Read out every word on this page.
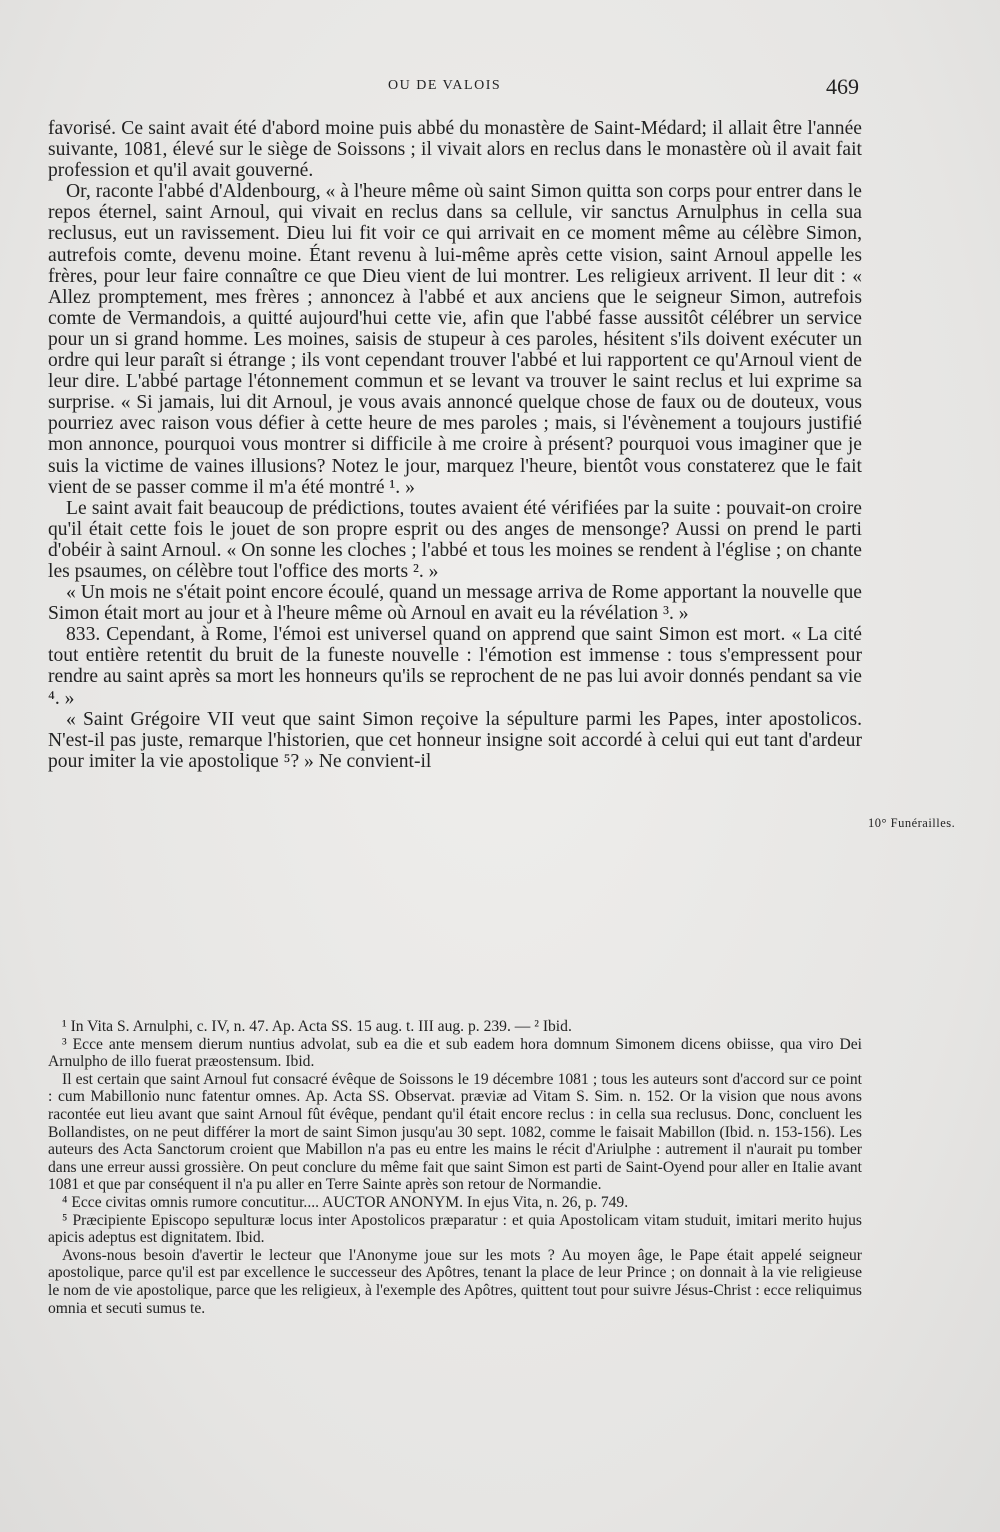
OU DE VALOIS	469

favorisé. Ce saint avait été d'abord moine puis abbé du monastère de Saint-Médard; il allait être l'année suivante, 1081, élevé sur le siège de Soissons ; il vivait alors en reclus dans le monastère où il avait fait profession et qu'il avait gouverné.

Or, raconte l'abbé d'Aldenbourg, « à l'heure même où saint Simon quitta son corps pour entrer dans le repos éternel, saint Arnoul, qui vivait en reclus dans sa cellule, vir sanctus Arnulphus in cella sua reclusus, eut un ravissement. Dieu lui fit voir ce qui arrivait en ce moment même au célèbre Simon, autrefois comte, devenu moine. Étant revenu à lui-même après cette vision, saint Arnoul appelle les frères, pour leur faire connaître ce que Dieu vient de lui montrer. Les religieux arrivent. Il leur dit : « Allez promptement, mes frères ; annoncez à l'abbé et aux anciens que le seigneur Simon, autrefois comte de Vermandois, a quitté aujourd'hui cette vie, afin que l'abbé fasse aussitôt célébrer un service pour un si grand homme. Les moines, saisis de stupeur à ces paroles, hésitent s'ils doivent exécuter un ordre qui leur paraît si étrange ; ils vont cependant trouver l'abbé et lui rapportent ce qu'Arnoul vient de leur dire. L'abbé partage l'étonnement commun et se levant va trouver le saint reclus et lui exprime sa surprise. « Si jamais, lui dit Arnoul, je vous avais annoncé quelque chose de faux ou de douteux, vous pourriez avec raison vous défier à cette heure de mes paroles ; mais, si l'évènement a toujours justifié mon annonce, pourquoi vous montrer si difficile à me croire à présent? pourquoi vous imaginer que je suis la victime de vaines illusions? Notez le jour, marquez l'heure, bientôt vous constaterez que le fait vient de se passer comme il m'a été montré ¹. »

Le saint avait fait beaucoup de prédictions, toutes avaient été vérifiées par la suite : pouvait-on croire qu'il était cette fois le jouet de son propre esprit ou des anges de mensonge? Aussi on prend le parti d'obéir à saint Arnoul. « On sonne les cloches ; l'abbé et tous les moines se rendent à l'église ; on chante les psaumes, on célèbre tout l'office des morts ². »

« Un mois ne s'était point encore écoulé, quand un message arriva de Rome apportant la nouvelle que Simon était mort au jour et à l'heure même où Arnoul en avait eu la révélation ³. »

833. Cependant, à Rome, l'émoi est universel quand on apprend que saint Simon est mort. « La cité tout entière retentit du bruit de la funeste nouvelle : l'émotion est immense : tous s'empressent pour rendre au saint après sa mort les honneurs qu'ils se reprochent de ne pas lui avoir donnés pendant sa vie ⁴. »

« Saint Grégoire VII veut que saint Simon reçoive la sépulture parmi les Papes, inter apostolicos. N'est-il pas juste, remarque l'historien, que cet honneur insigne soit accordé à celui qui eut tant d'ardeur pour imiter la vie apostolique ⁵? » Ne convient-il

10° Funérailles.

¹ In Vita S. Arnulphi, c. IV, n. 47. Ap. Acta SS. 15 aug. t. III aug. p. 239. — ² Ibid.

³ Ecce ante mensem dierum nuntius advolat, sub ea die et sub eadem hora domnum Simonem dicens obiisse, qua viro Dei Arnulpho de illo fuerat præostensum. Ibid.

Il est certain que saint Arnoul fut consacré évêque de Soissons le 19 décembre 1081 ; tous les auteurs sont d'accord sur ce point : cum Mabillonio nunc fatentur omnes. Ap. Acta SS. Observat. præviæ ad Vitam S. Sim. n. 152. Or la vision que nous avons racontée eut lieu avant que saint Arnoul fût évêque, pendant qu'il était encore reclus : in cella sua reclusus. Donc, concluent les Bollandistes, on ne peut différer la mort de saint Simon jusqu'au 30 sept. 1082, comme le faisait Mabillon (Ibid. n. 153-156). Les auteurs des Acta Sanctorum croient que Mabillon n'a pas eu entre les mains le récit d'Ariulphe : autrement il n'aurait pu tomber dans une erreur aussi grossière. On peut conclure du même fait que saint Simon est parti de Saint-Oyend pour aller en Italie avant 1081 et que par conséquent il n'a pu aller en Terre Sainte après son retour de Normandie.

⁴ Ecce civitas omnis rumore concutitur.... AUCTOR ANONYM. In ejus Vita, n. 26, p. 749.

⁵ Præcipiente Episcopo sepulturæ locus inter Apostolicos præparatur : et quia Apostolicam vitam studuit, imitari merito hujus apicis adeptus est dignitatem. Ibid.

Avons-nous besoin d'avertir le lecteur que l'Anonyme joue sur les mots ? Au moyen âge, le Pape était appelé seigneur apostolique, parce qu'il est par excellence le successeur des Apôtres, tenant la place de leur Prince ; on donnait à la vie religieuse le nom de vie apostolique, parce que les religieux, à l'exemple des Apôtres, quittent tout pour suivre Jésus-Christ : ecce reliquimus omnia et secuti sumus te.
